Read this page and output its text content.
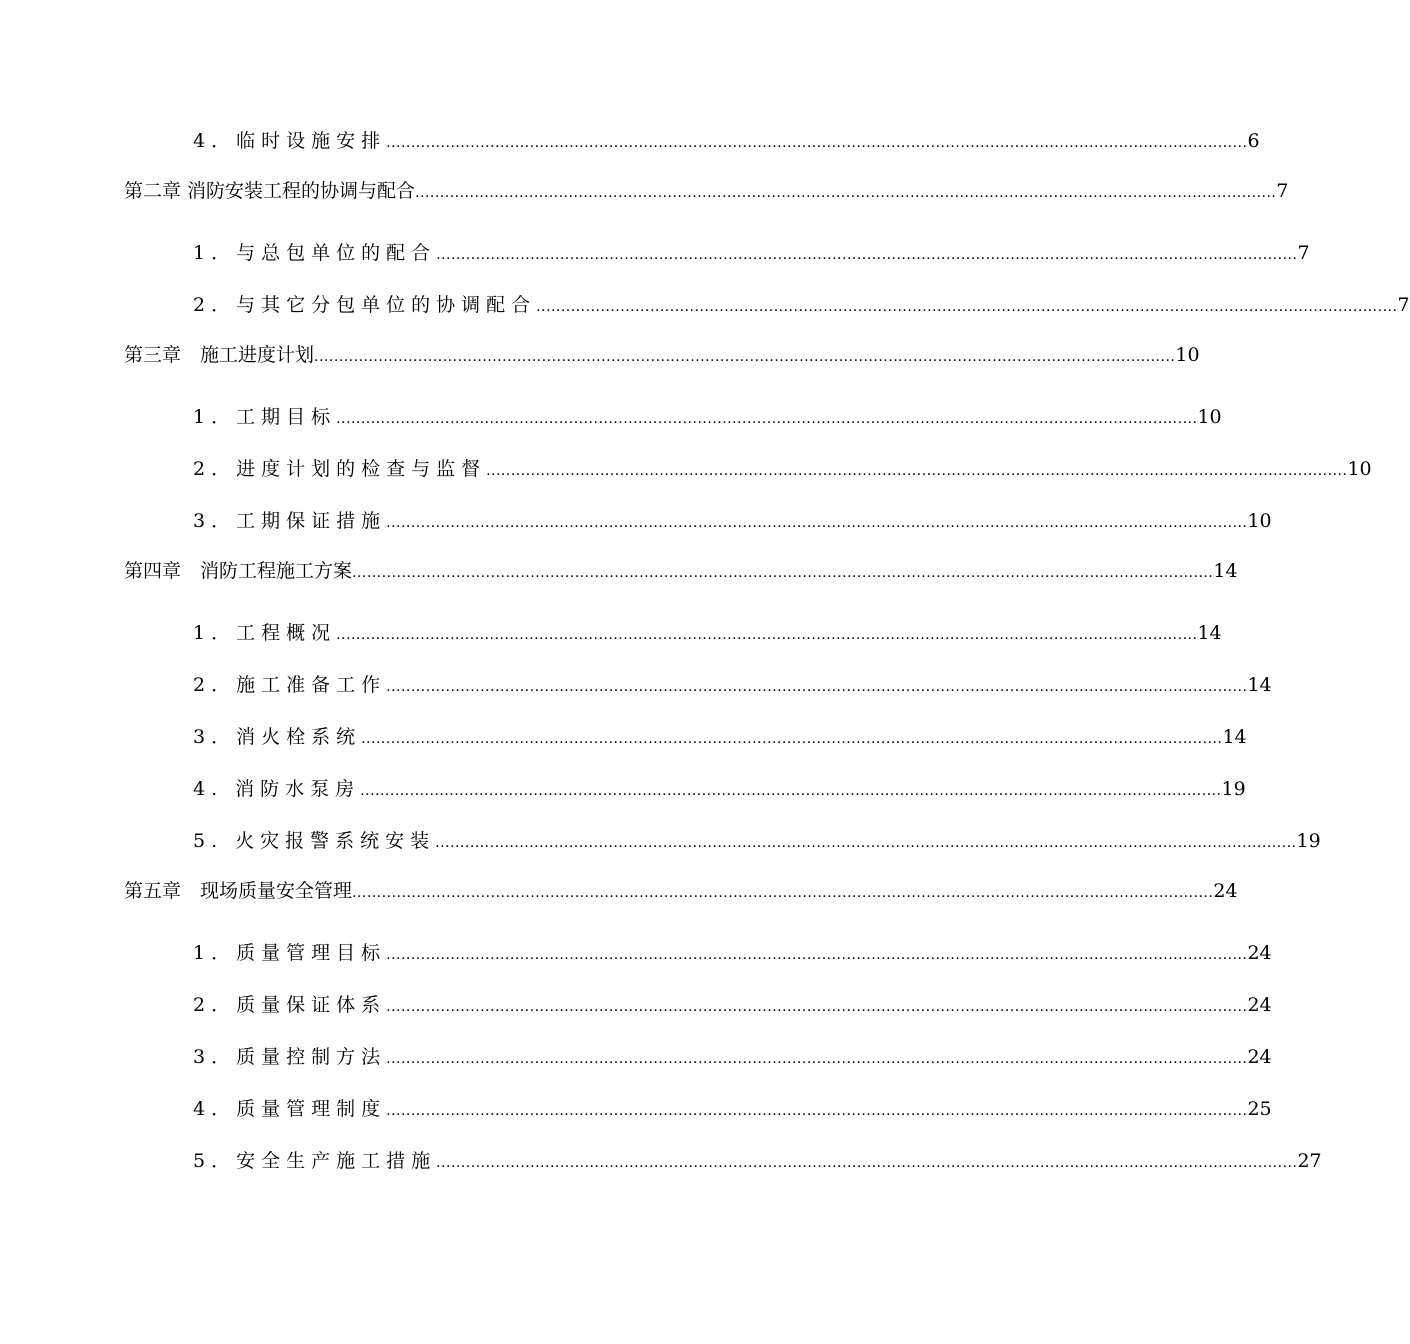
4．临时设施安排 .............................................................................................................................................................................. 6
第二章 消防安装工程的协调与配合 .............................................................................................................................................................................. 7
1．与总包单位的配合 .............................................................................................................................................................................. 7
2．与其它分包单位的协调配合 .............................................................................................................................................................................. 7
第三章　施工进度计划 .............................................................................................................................................................................. 10
1．工期目标 .............................................................................................................................................................................. 10
2．进度计划的检查与监督 .............................................................................................................................................................................. 10
3．工期保证措施 .............................................................................................................................................................................. 10
第四章　消防工程施工方案 .............................................................................................................................................................................. 14
1．工程概况 .............................................................................................................................................................................. 14
2．施工准备工作 .............................................................................................................................................................................. 14
3．消火栓系统 .............................................................................................................................................................................. 14
4. 消防水泵房 .............................................................................................................................................................................. 19
5. 火灾报警系统安装 .............................................................................................................................................................................. 19
第五章　现场质量安全管理 .............................................................................................................................................................................. 24
1．质量管理目标 .............................................................................................................................................................................. 24
2．质量保证体系 .............................................................................................................................................................................. 24
3．质量控制方法 .............................................................................................................................................................................. 24
4．质量管理制度 .............................................................................................................................................................................. 25
5．安全生产施工措施 .............................................................................................................................................................................. 27
